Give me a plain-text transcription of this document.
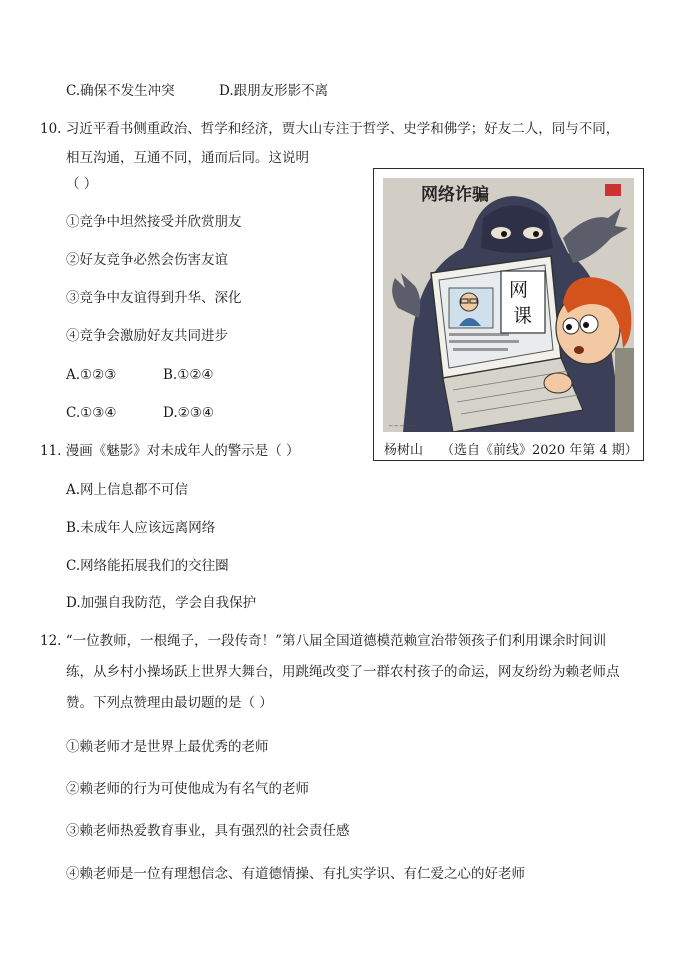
C.确保不发生冲突	D.跟朋友形影不离
10. 习近平看书侧重政治、哲学和经济，贾大山专注于哲学、史学和佛学；好友二人，同与不同，
相互沟通，互通不同，通而后同。这说明
（ ）
①竞争中坦然接受并欣赏朋友
②好友竞争必然会伤害友谊
③竞争中友谊得到升华、深化
④竞争会激励好友共同进步
A.①②③	B.①②④
C.①③④	D.②③④
网络诈骗
网
课
─ ─ ─ ─ ─
杨树山 （选自《前线》2020 年第 4 期）
11. 漫画《魅影》对未成年人的警示是（ ）
A.网上信息都不可信
B.未成年人应该远离网络
C.网络能拓展我们的交往圈
D.加强自我防范，学会自我保护
12. “一位教师，一根绳子，一段传奇！”第八届全国道德模范赖宣治带领孩子们利用课余时间训
练，从乡村小操场跃上世界大舞台，用跳绳改变了一群农村孩子的命运，网友纷纷为赖老师点
赞。下列点赞理由最切题的是（ ）
①赖老师才是世界上最优秀的老师
②赖老师的行为可使他成为有名气的老师
③赖老师热爱教育事业，具有强烈的社会责任感
④赖老师是一位有理想信念、有道德情操、有扎实学识、有仁爱之心的好老师
